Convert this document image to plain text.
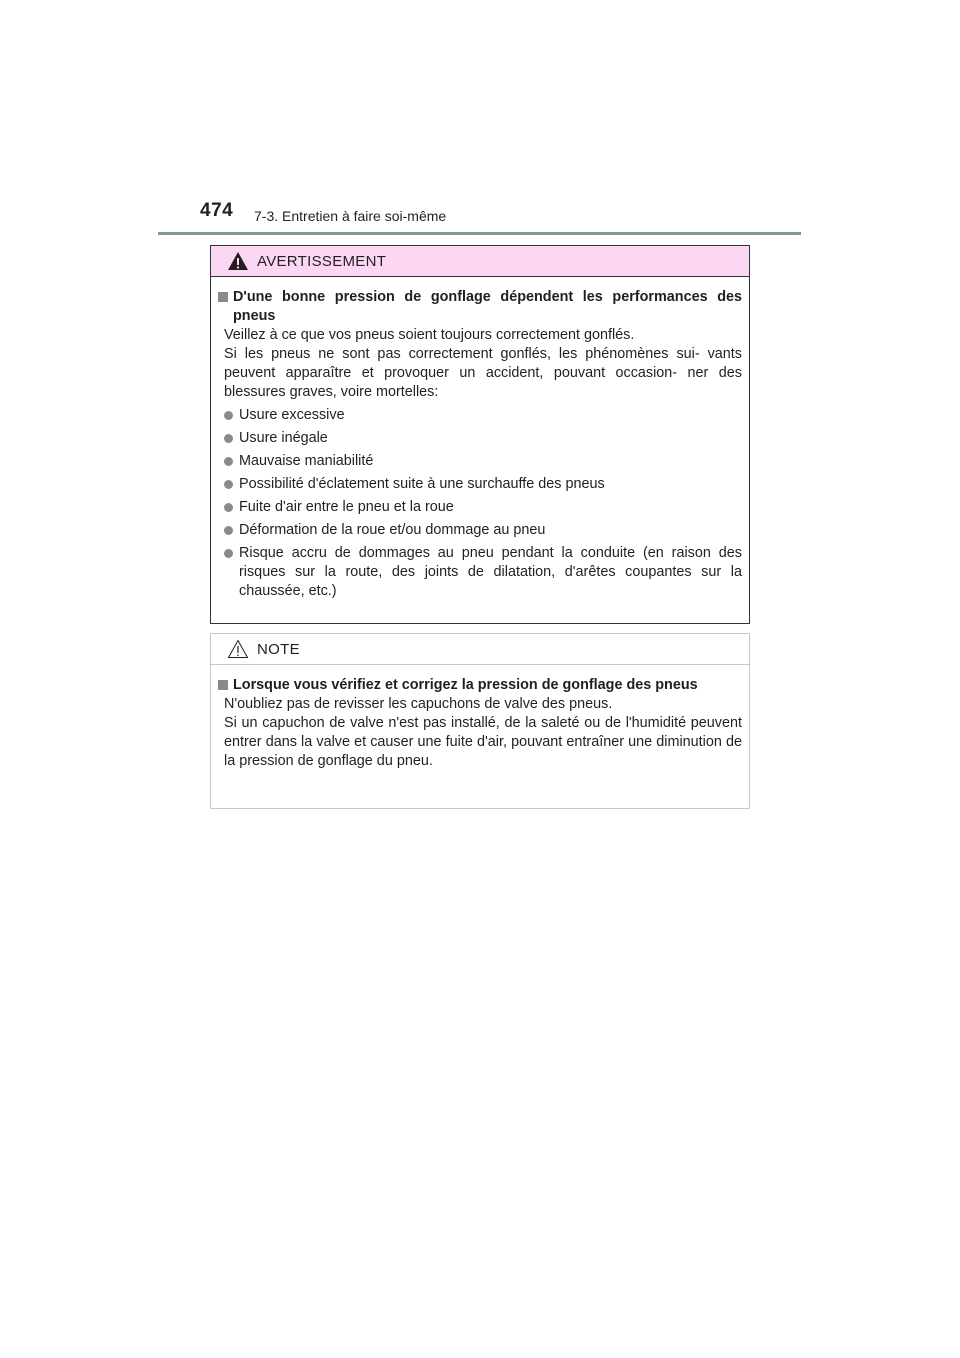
474 7-3. Entretien à faire soi-même
AVERTISSEMENT
D'une bonne pression de gonflage dépendent les performances des pneus
Veillez à ce que vos pneus soient toujours correctement gonflés.
Si les pneus ne sont pas correctement gonflés, les phénomènes sui- vants peuvent apparaître et provoquer un accident, pouvant occasion- ner des blessures graves, voire mortelles:
Usure excessive
Usure inégale
Mauvaise maniabilité
Possibilité d'éclatement suite à une surchauffe des pneus
Fuite d'air entre le pneu et la roue
Déformation de la roue et/ou dommage au pneu
Risque accru de dommages au pneu pendant la conduite (en raison des risques sur la route, des joints de dilatation, d'arêtes coupantes sur la chaussée, etc.)
NOTE
Lorsque vous vérifiez et corrigez la pression de gonflage des pneus
N'oubliez pas de revisser les capuchons de valve des pneus.
Si un capuchon de valve n'est pas installé, de la saleté ou de l'humidité peuvent entrer dans la valve et causer une fuite d'air, pouvant entraîner une diminution de la pression de gonflage du pneu.
